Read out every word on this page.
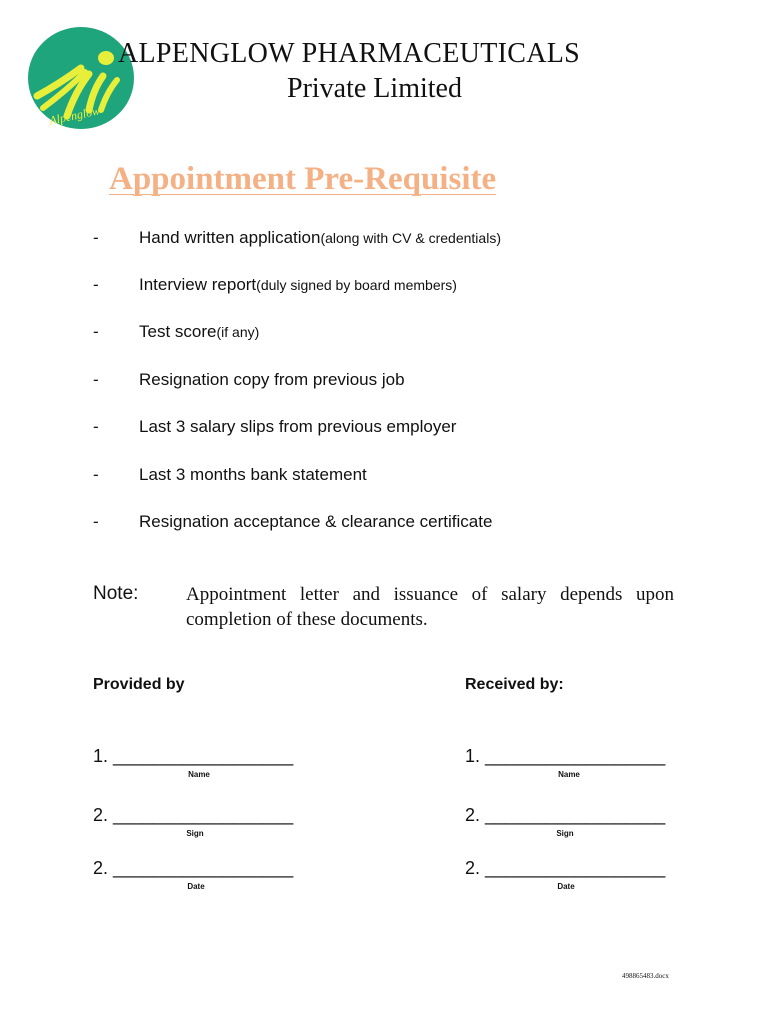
Alpenglow
ALPENGLOW PHARMACEUTICALS
Private Limited
Appointment Pre-Requisite
-	Hand written application (along with CV & credentials)
-	Interview report (duly signed by board members)
-	Test score (if any)
-	Resignation copy from previous job
-	Last 3 salary slips from previous employer
-	Last 3 months bank statement
-	Resignation acceptance & clearance certificate
Note:	Appointment letter and issuance of salary depends upon completion of these documents.
Provided by
1. __________________
Name
2. __________________
Sign
2. __________________
Date
Received by:
1. __________________
Name
2. __________________
Sign
2. __________________
Date
498865483.docx
